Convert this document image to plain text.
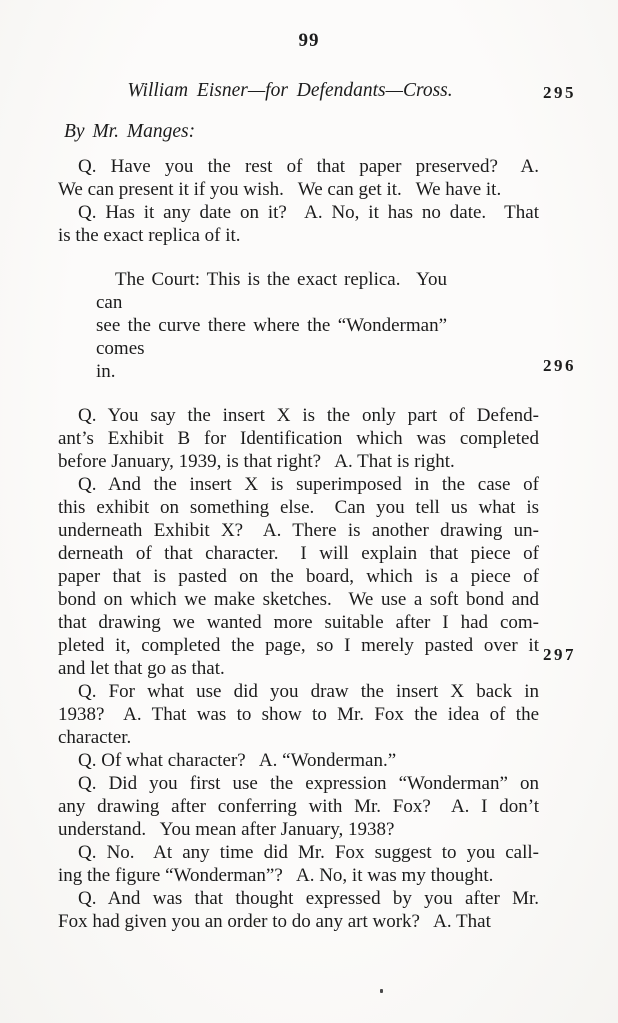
99
William Eisner—for Defendants—Cross.	295
296
297
By Mr. Manges:
Q. Have you the rest of that paper preserved?  A.
We can present it if you wish.  We can get it.  We have it.
Q. Has it any date on it?  A. No, it has no date.  That
is the exact replica of it.
The Court: This is the exact replica.  You can
see the curve there where the “Wonderman” comes
in.
Q. You say the insert X is the only part of Defend-
ant’s Exhibit B for Identification which was completed
before January, 1939, is that right?  A. That is right.
Q. And the insert X is superimposed in the case of
this exhibit on something else.  Can you tell us what is
underneath Exhibit X?  A. There is another drawing un-
derneath of that character.  I will explain that piece of
paper that is pasted on the board, which is a piece of
bond on which we make sketches.  We use a soft bond and
that drawing we wanted more suitable after I had com-
pleted it, completed the page, so I merely pasted over it
and let that go as that.
Q. For what use did you draw the insert X back in
1938?  A. That was to show to Mr. Fox the idea of the
character.
Q. Of what character?  A. “Wonderman.”
Q. Did you first use the expression “Wonderman” on
any drawing after conferring with Mr. Fox?  A. I don’t
understand.  You mean after January, 1938?
Q. No.  At any time did Mr. Fox suggest to you call-
ing the figure “Wonderman”?  A. No, it was my thought.
Q. And was that thought expressed by you after Mr.
Fox had given you an order to do any art work?  A. That
